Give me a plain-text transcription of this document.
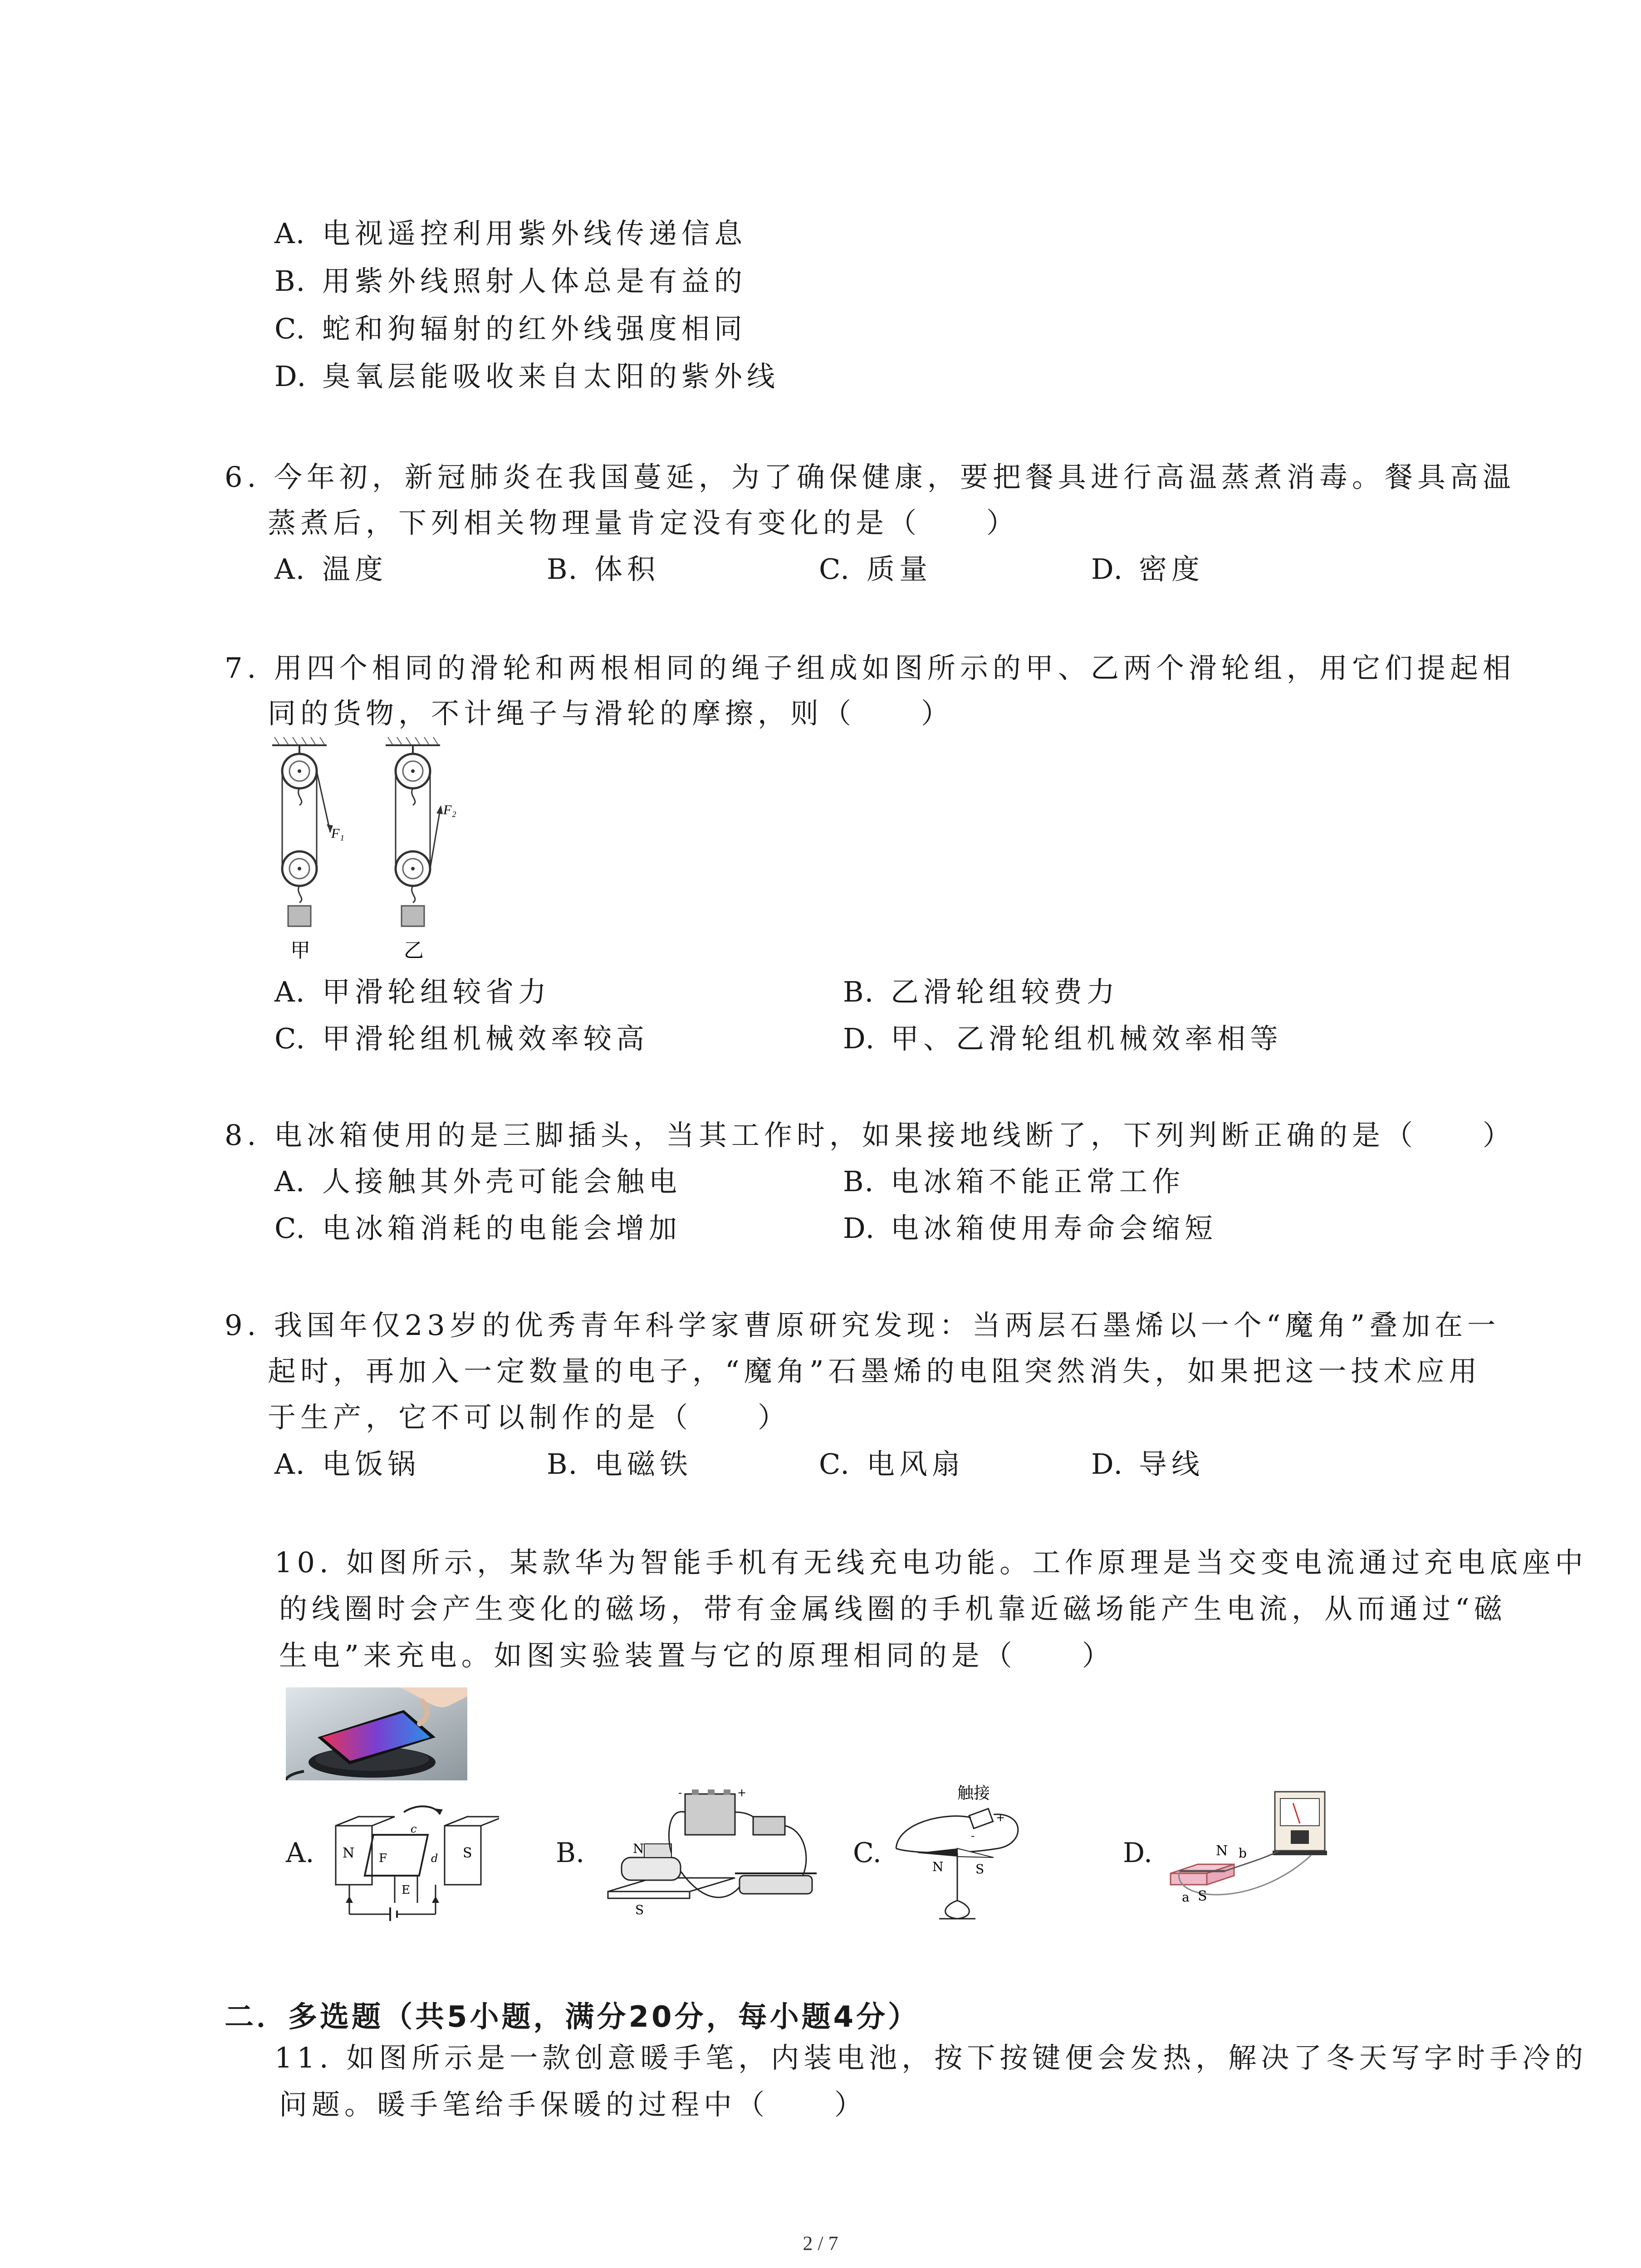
A. 电视遥控利用紫外线传递信息
B. 用紫外线照射人体总是有益的
C. 蛇和狗辐射的红外线强度相同
D. 臭氧层能吸收来自太阳的紫外线
6. 今年初，新冠肺炎在我国蔓延，为了确保健康，要把餐具进行高温蒸煮消毒。餐具高温
蒸煮后，下列相关物理量肯定没有变化的是（　　）
A. 温度	B. 体积	C. 质量	D. 密度
7. 用四个相同的滑轮和两根相同的绳子组成如图所示的甲、乙两个滑轮组，用它们提起相
同的货物，不计绳子与滑轮的摩擦，则（　　）
F₁
F₂
甲	乙
A. 甲滑轮组较省力	B. 乙滑轮组较费力
C. 甲滑轮组机械效率较高	D. 甲、乙滑轮组机械效率相等
8. 电冰箱使用的是三脚插头，当其工作时，如果接地线断了，下列判断正确的是（　　）
A. 人接触其外壳可能会触电	B. 电冰箱不能正常工作
C. 电冰箱消耗的电能会增加	D. 电冰箱使用寿命会缩短
9. 我国年仅23岁的优秀青年科学家曹原研究发现：当两层石墨烯以一个“魔角”叠加在一
起时，再加入一定数量的电子，“魔角”石墨烯的电阻突然消失，如果把这一技术应用
于生产，它不可以制作的是（　　）
A. 电饭锅	B. 电磁铁	C. 电风扇	D. 导线
10. 如图所示，某款华为智能手机有无线充电功能。工作原理是当交变电流通过充电底座中
的线圈时会产生变化的磁场，带有金属线圈的手机靠近磁场能产生电流，从而通过“磁
生电”来充电。如图实验装置与它的原理相同的是（　　）
A.	B.	C.	D.
N	S
F
E
c
d
N
S
-	+	触接
+
-
N	S
N
S
a
b
二．多选题（共5小题，满分20分，每小题4分）
11. 如图所示是一款创意暖手笔，内装电池，按下按键便会发热，解决了冬天写字时手冷的
问题。暖手笔给手保暖的过程中（　　）
2 / 7
